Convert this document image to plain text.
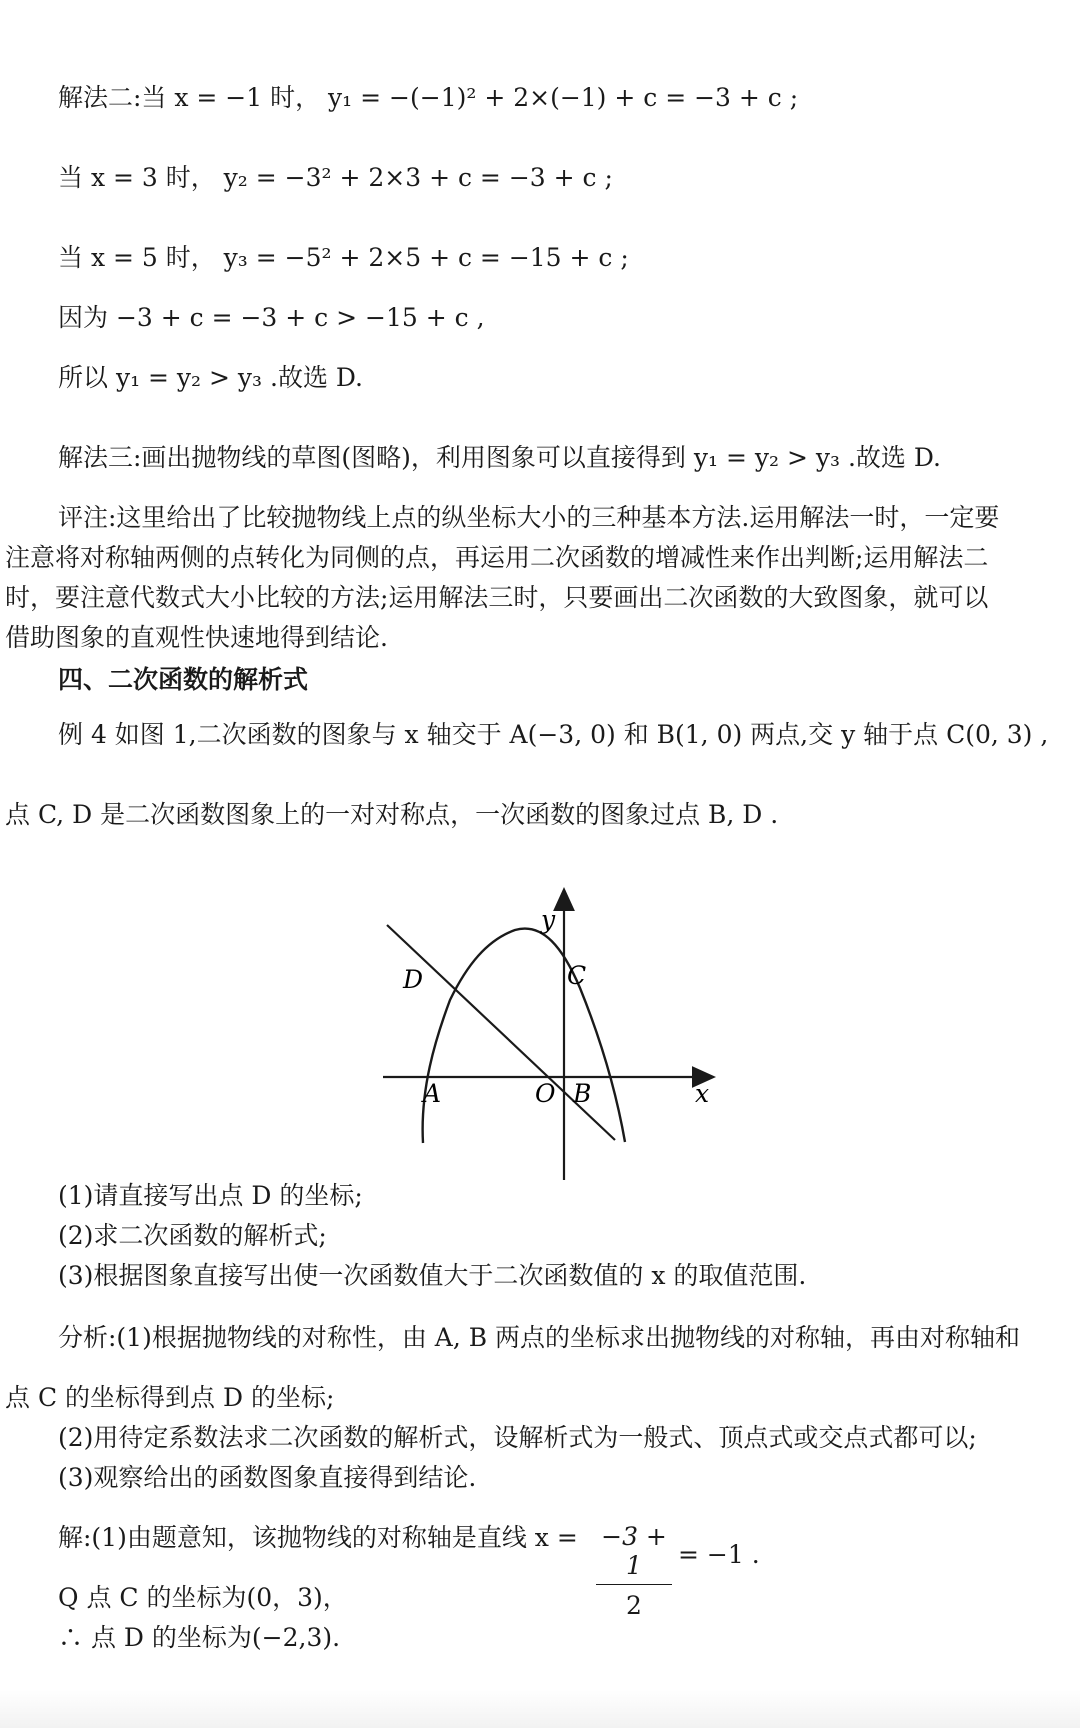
解法二:当 x = −1 时， y₁ = −(−1)² + 2×(−1) + c = −3 + c ;
当 x = 3 时， y₂ = −3² + 2×3 + c = −3 + c ;
当 x = 5 时， y₃ = −5² + 2×5 + c = −15 + c ;
因为 −3 + c = −3 + c > −15 + c ,
所以 y₁ = y₂ > y₃ .故选 D.
解法三:画出抛物线的草图(图略)，利用图象可以直接得到 y₁ = y₂ > y₃ .故选 D.
评注:这里给出了比较抛物线上点的纵坐标大小的三种基本方法.运用解法一时，一定要
注意将对称轴两侧的点转化为同侧的点，再运用二次函数的增减性来作出判断;运用解法二
时，要注意代数式大小比较的方法;运用解法三时，只要画出二次函数的大致图象，就可以
借助图象的直观性快速地得到结论.
四、二次函数的解析式
例 4 如图 1,二次函数的图象与 x 轴交于 A(−3, 0) 和 B(1, 0) 两点,交 y 轴于点 C(0, 3) ,
点 C, D 是二次函数图象上的一对对称点，一次函数的图象过点 B, D .
(1)请直接写出点 D 的坐标;
(2)求二次函数的解析式;
(3)根据图象直接写出使一次函数值大于二次函数值的 x 的取值范围.
分析:(1)根据抛物线的对称性，由 A, B 两点的坐标求出抛物线的对称轴，再由对称轴和
点 C 的坐标得到点 D 的坐标;
(2)用待定系数法求二次函数的解析式，设解析式为一般式、顶点式或交点式都可以;
(3)观察给出的函数图象直接得到结论.
解:(1)由题意知，该抛物线的对称轴是直线 x =
Q 点 C 的坐标为(0，3)，
∴ 点 D 的坐标为(−2,3).
$\frac{-3 + 1}{2} = -1$ .
y
x
D	C
A	O B
